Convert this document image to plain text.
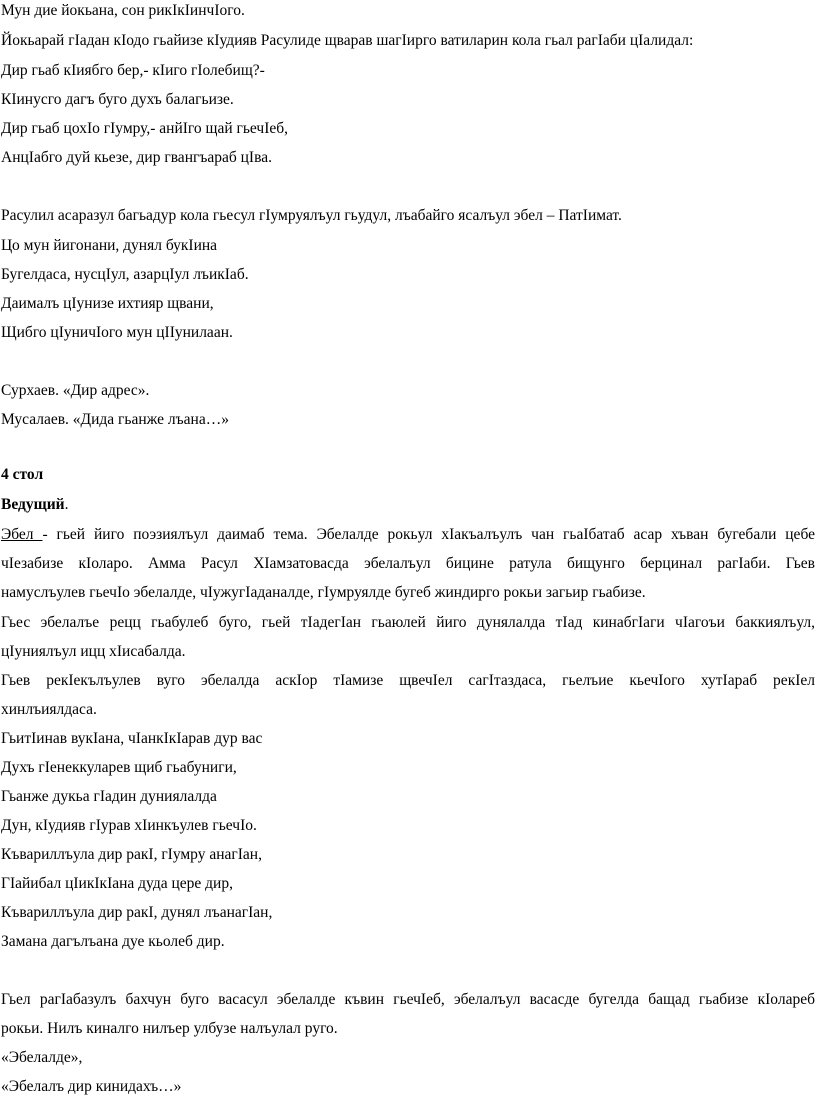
Мун дие йокьана, сон рикIкIинчIого.
Йокьарай гIадан кIодо гьайизе кIудияв Расулиде щварав шагIирго ватиларин кола гьал рагIаби цIалидал:
Дир гьаб кIиябго бер,- кIиго гIолебищ?-
КIинусго дагъ буго духъ балагьизе.
Дир гьаб цохIо гIумру,- анйIго щай гьечIеб,
АнцIабго дуй кьезе, дир гвангъараб цIва.
Расулил асаразул багьадур кола гьесул гIумруялъул гьудул, лъабайго ясалъул эбел – ПатIимат.
Цо мун йигонани, дунял букIина
Бугелдаса, нусцIул, азарцIул лъикIаб.
Даималъ цIунизе ихтияр щвани,
Щибго цIуничIого мун цIIунилаан.
Сурхаев. «Дир адрес».
Мусалаев. «Дида гьанже лъана…»
4 стол
Ведущий.
Эбел - гьей йиго поэзиялъул даимаб тема. Эбелалде рокьул хIакъалъулъ чан гьаIбатаб асар хъван бугебали цебе
чIезабизе кIоларо. Амма Расул ХIамзатовасда эбелалъул бицине ратула бищунго берцинал рагIаби. Гьев
намуслъулев гьечIо эбелалде, чIужугIаданалде, гIумруялде бугеб жиндирго рокьи загьир гьабизе.
Гьес эбелалъе рецц гьабулеб буго, гьей тIадегIан гьаюлей йиго дунялалда тIад кинабгIаги чIагоъи баккиялъул,
цIуниялъул ицц хIисабалда.
Гьев рекIекълъулев вуго эбелалда аскIор тIамизе щвечIел сагIтаздаса, гьелъие кьечIого хутIараб рекIел
хинлъиялдаса.
ГьитIинав вукIана, чIанкIкIарав дур вас
Духъ гIенеккуларев щиб гьабуниги,
Гьанже дукьа гIадин дуниялалда
Дун, кIудияв гIурав хIинкъулев гьечIо.
Къвариллъула дир ракI, гIумру анагIан,
ГIайибал цIикIкIана дуда цере дир,
Къвариллъула дир ракI, дунял лъанагIан,
Замана дагълъана дуе кьолеб дир.
Гьел рагIабазулъ бахчун буго васасул эбелалде къвин гьечIеб, эбелалъул васасде бугелда бащад гьабизе кIолареб
рокьи. Нилъ киналго нилъер улбузе налъулал руго.
«Эбелалде»,
«Эбелалъ дир кинидахъ…»
